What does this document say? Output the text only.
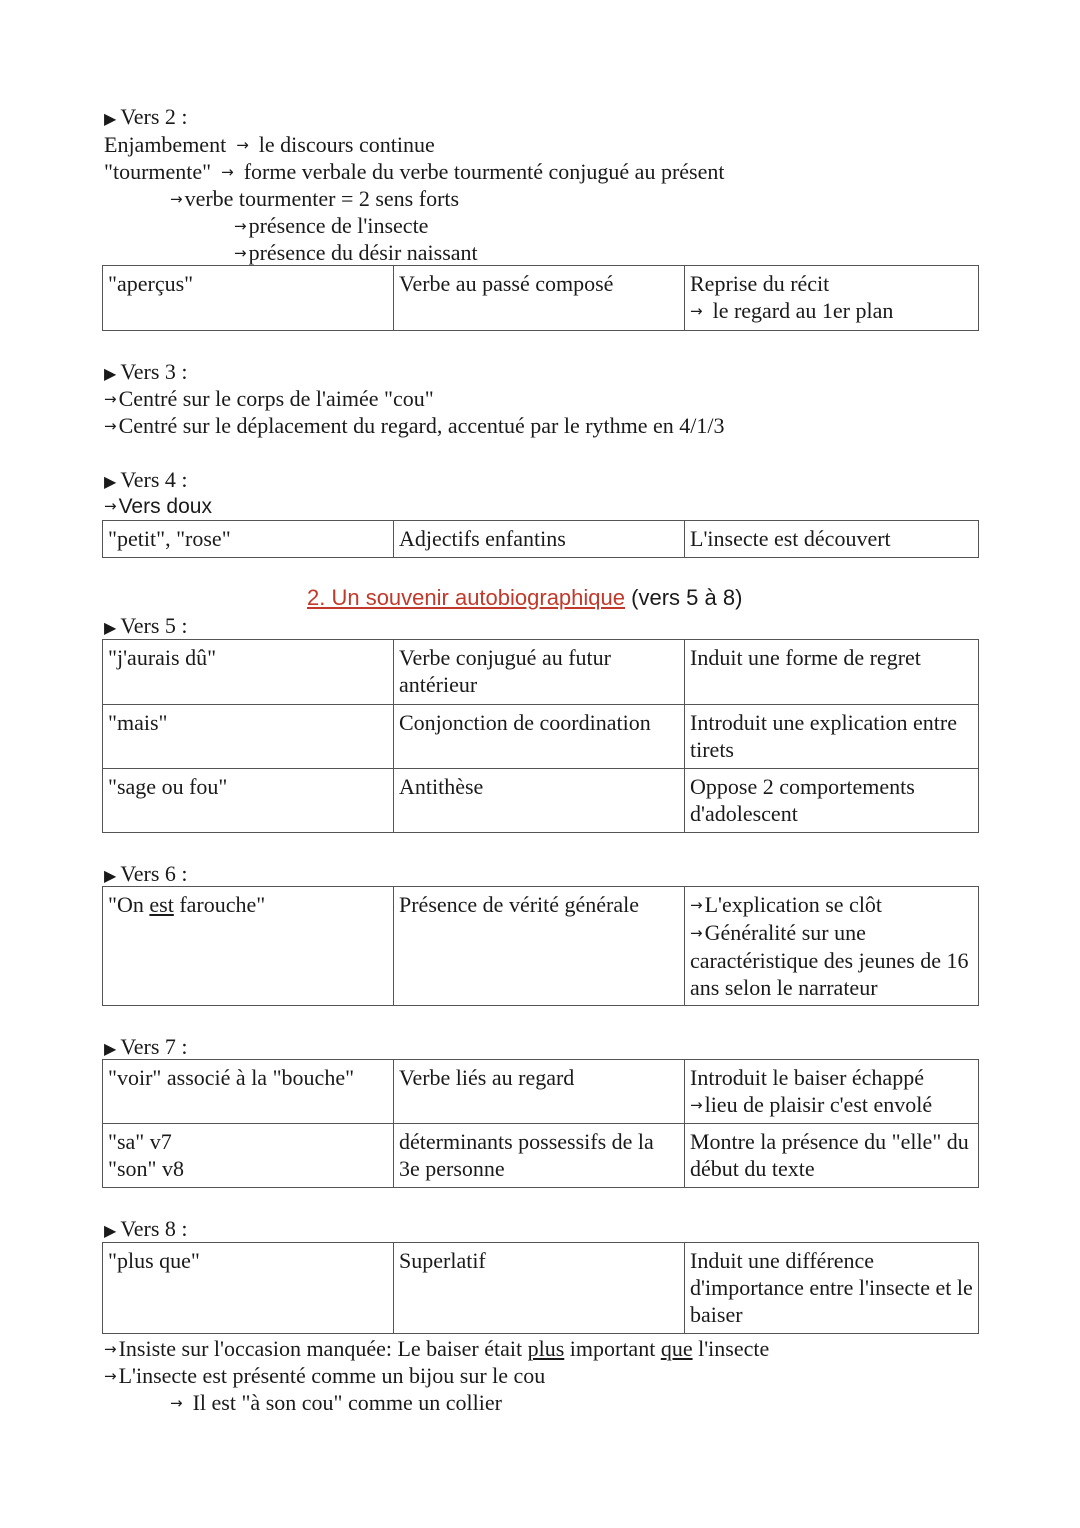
▶ Vers 2 :
Enjambement → le discours continue
"tourmente" → forme verbale du verbe tourmenté conjugué au présent
→verbe tourmenter = 2 sens forts
→présence de l'insecte
→présence du désir naissant
"aperçus"	Verbe au passé composé	Reprise du récit
→ le regard au 1er plan
▶ Vers 3 :
→Centré sur le corps de l'aimée "cou"
→Centré sur le déplacement du regard, accentué par le rythme en 4/1/3
▶ Vers 4 :
→Vers doux
"petit", "rose"	Adjectifs enfantins	L'insecte est découvert
2. Un souvenir autobiographique (vers 5 à 8)
▶ Vers 5 :
"j'aurais dû"	Verbe conjugué au futur antérieur	Induit une forme de regret
"mais"	Conjonction de coordination	Introduit une explication entre tirets
"sage ou fou"	Antithèse	Oppose 2 comportements d'adolescent
▶ Vers 6 :
"On est farouche"	Présence de vérité générale	→L'explication se clôt
→Généralité sur une caractéristique des jeunes de 16 ans selon le narrateur
▶ Vers 7 :
"voir" associé à la "bouche"	Verbe liés au regard	Introduit le baiser échappé
→lieu de plaisir c'est envolé

"sa" v7
"son" v8	déterminants possessifs de la 3e personne	Montre la présence du "elle" du début du texte
▶ Vers 8 :
"plus que"	Superlatif	Induit une différence d'importance entre l'insecte et le baiser
→Insiste sur l'occasion manquée: Le baiser était plus important que l'insecte
→L'insecte est présenté comme un bijou sur le cou
→ Il est "à son cou" comme un collier
